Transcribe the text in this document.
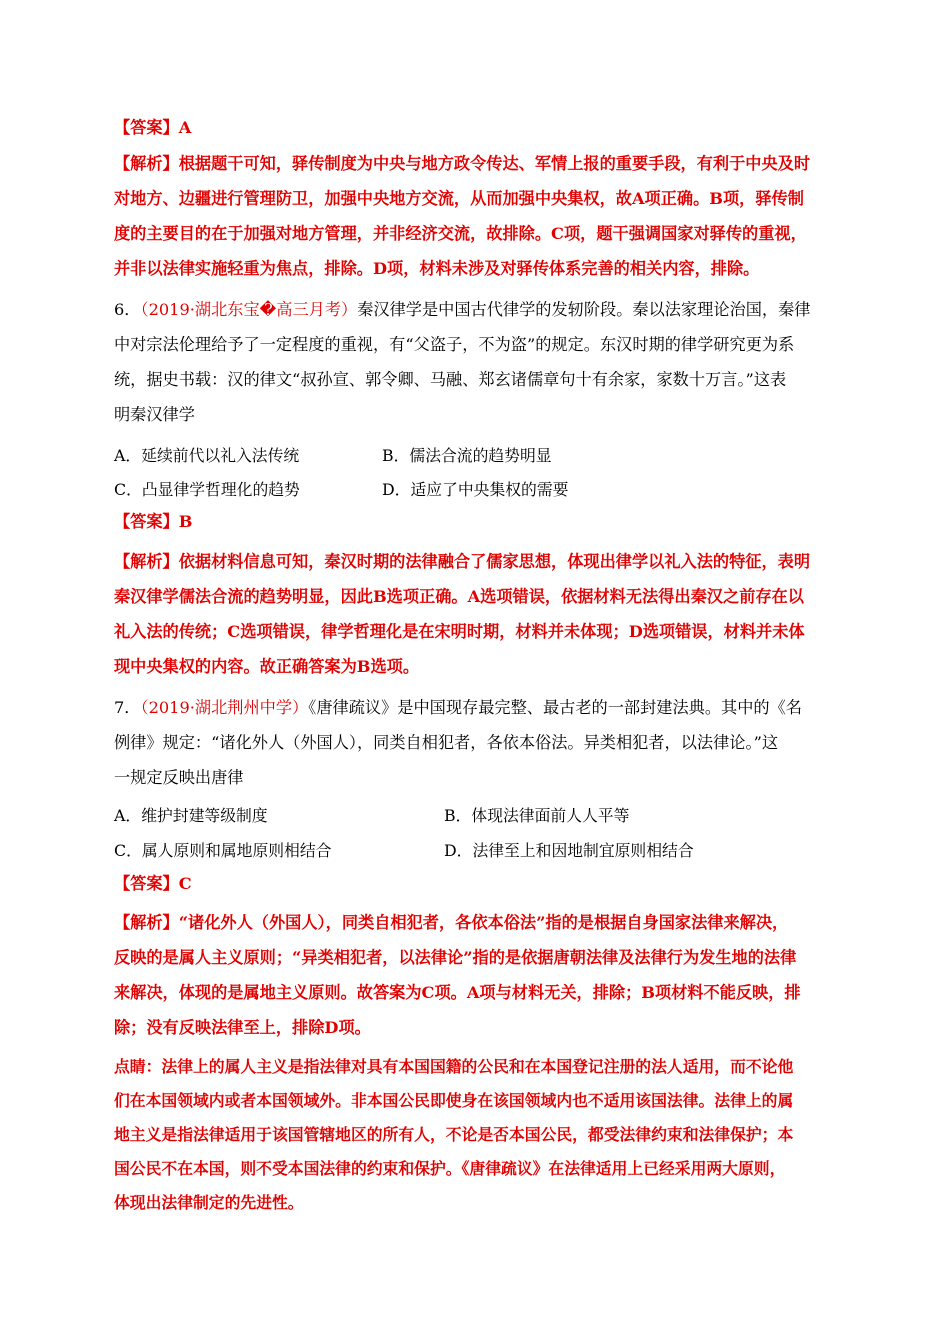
【答案】A
【解析】根据题干可知，驿传制度为中央与地方政令传达、军情上报的重要手段，有利于中央及时
对地方、边疆进行管理防卫，加强中央地方交流，从而加强中央集权，故A项正确。B项，驿传制
度的主要目的在于加强对地方管理，并非经济交流，故排除。C项，题干强调国家对驿传的重视，
并非以法律实施轻重为焦点，排除。D项，材料未涉及对驿传体系完善的相关内容，排除。
6．（2019·湖北东宝�高三月考）秦汉律学是中国古代律学的发轫阶段。秦以法家理论治国，秦律
中对宗法伦理给予了一定程度的重视，有“父盗子，不为盗”的规定。东汉时期的律学研究更为系
统，据史书载：汉的律文“叔孙宣、郭令卿、马融、郑玄诸儒章句十有余家，家数十万言。”这表
明秦汉律学
A．延续前代以礼入法传统	B．儒法合流的趋势明显
C．凸显律学哲理化的趋势	D．适应了中央集权的需要
【答案】B
【解析】依据材料信息可知，秦汉时期的法律融合了儒家思想，体现出律学以礼入法的特征，表明
秦汉律学儒法合流的趋势明显，因此B选项正确。A选项错误，依据材料无法得出秦汉之前存在以
礼入法的传统；C选项错误，律学哲理化是在宋明时期，材料并未体现；D选项错误，材料并未体
现中央集权的内容。故正确答案为B选项。
7．（2019·湖北荆州中学）《唐律疏议》是中国现存最完整、最古老的一部封建法典。其中的《名
例律》规定：“诸化外人（外国人），同类自相犯者，各依本俗法。异类相犯者，以法律论。”这
一规定反映出唐律
A．维护封建等级制度	B．体现法律面前人人平等
C．属人原则和属地原则相结合	D．法律至上和因地制宜原则相结合
【答案】C
【解析】“诸化外人（外国人），同类自相犯者，各依本俗法”指的是根据自身国家法律来解决，
反映的是属人主义原则；“异类相犯者，以法律论”指的是依据唐朝法律及法律行为发生地的法律
来解决，体现的是属地主义原则。故答案为C项。A项与材料无关，排除；B项材料不能反映，排
除；没有反映法律至上，排除D项。
点睛：法律上的属人主义是指法律对具有本国国籍的公民和在本国登记注册的法人适用，而不论他
们在本国领域内或者本国领域外。非本国公民即使身在该国领域内也不适用该国法律。法律上的属
地主义是指法律适用于该国管辖地区的所有人，不论是否本国公民，都受法律约束和法律保护；本
国公民不在本国，则不受本国法律的约束和保护。《唐律疏议》在法律适用上已经采用两大原则，
体现出法律制定的先进性。
